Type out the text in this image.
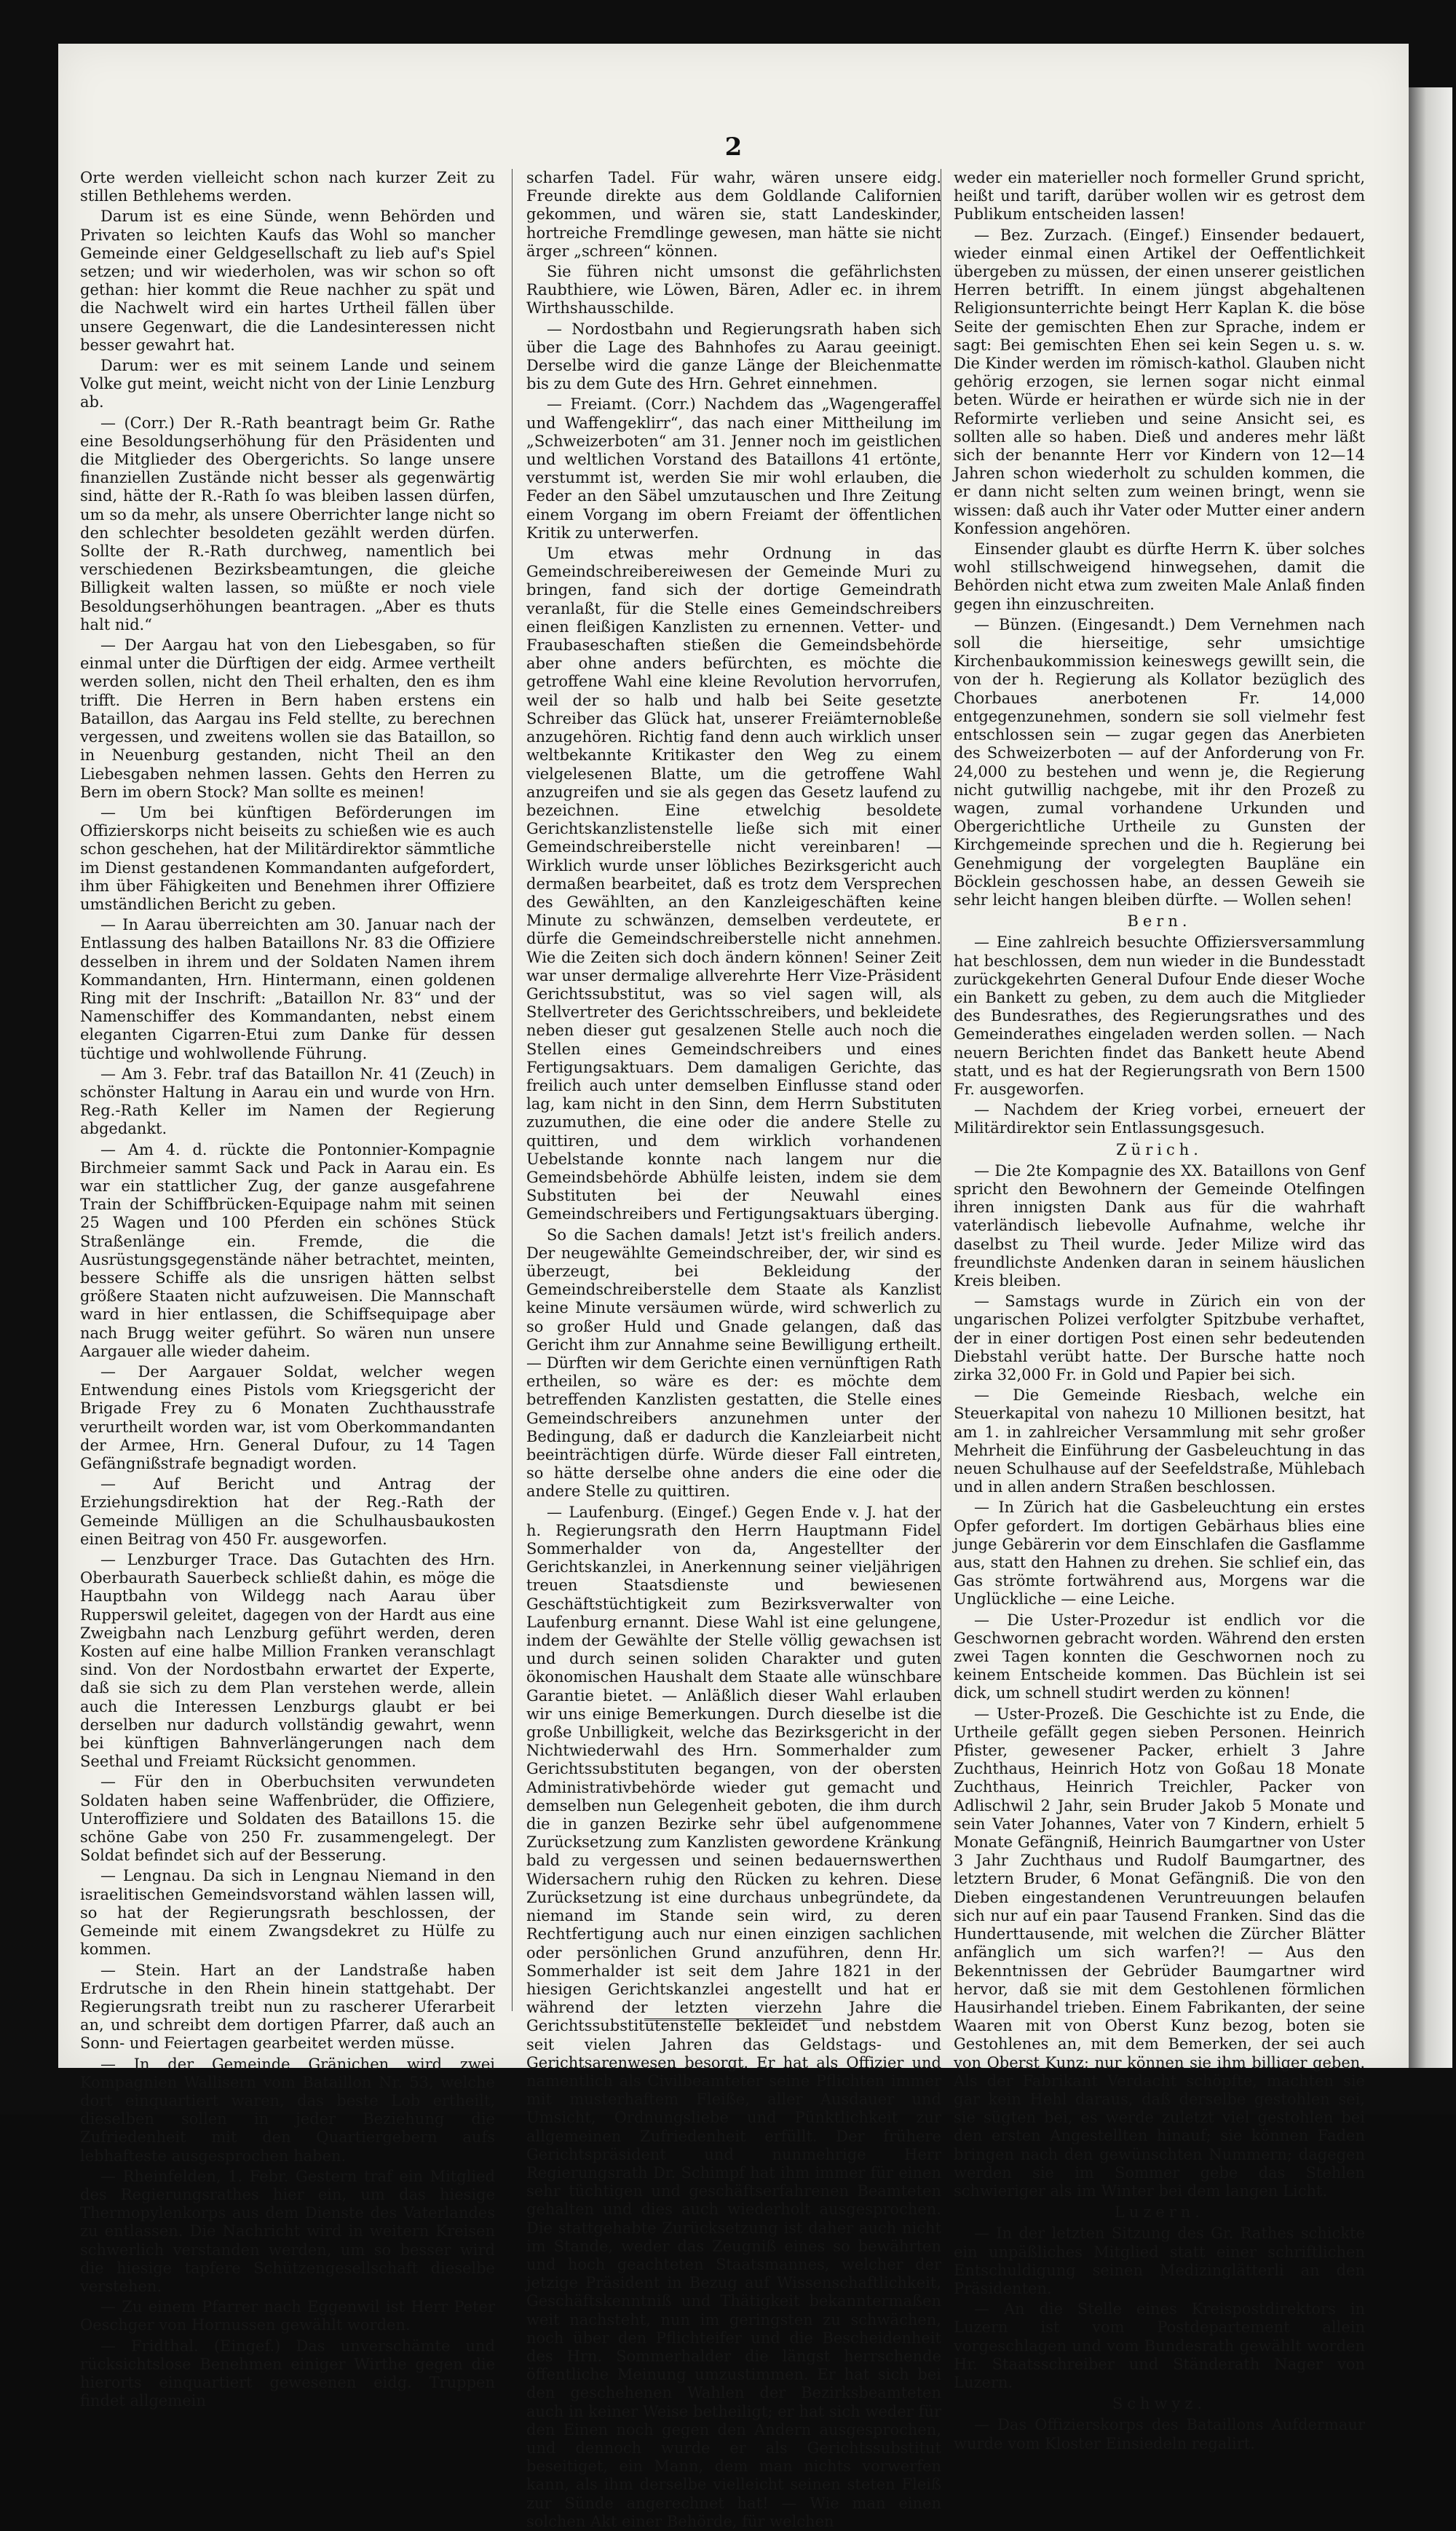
2

Orte werden vielleicht schon nach kurzer Zeit zu stillen Bethlehems werden.

Darum ist es eine Sünde, wenn Behörden und Privaten so leichten Kaufs das Wohl so mancher Gemeinde einer Geldgesellschaft zu lieb auf's Spiel setzen; und wir wiederholen, was wir schon so oft gethan: hier kommt die Reue nachher zu spät und die Nachwelt wird ein hartes Urtheil fällen über unsere Gegenwart, die die Landesinteressen nicht besser gewahrt hat.

Darum: wer es mit seinem Lande und seinem Volke gut meint, weicht nicht von der Linie Lenzburg ab.

— (Corr.) Der R.-Rath beantragt beim Gr. Rathe eine Besoldungserhöhung für den Präsidenten und die Mitglieder des Obergerichts. So lange unsere finanziellen Zustände nicht besser als gegenwärtig sind, hätte der R.-Rath ſo was bleiben lassen dürfen, um so da mehr, als unsere Oberrichter lange nicht so den schlechter besoldeten gezählt werden dürfen. Sollte der R.-Rath durchweg, namentlich bei verschiedenen Bezirksbeamtungen, die gleiche Billigkeit walten lassen, so müßte er noch viele Besoldungserhöhungen beantragen. „Aber es thuts halt nid.“

— Der Aargau hat von den Liebesgaben, so für einmal unter die Dürftigen der eidg. Armee vertheilt werden sollen, nicht den Theil erhalten, den es ihm trifft. Die Herren in Bern haben erstens ein Bataillon, das Aargau ins Feld stellte, zu berechnen vergessen, und zweitens wollen sie das Bataillon, so in Neuenburg gestanden, nicht Theil an den Liebesgaben nehmen lassen. Gehts den Herren zu Bern im obern Stock? Man sollte es meinen!

— Um bei künftigen Beförderungen im Offizierskorps nicht beiseits zu schießen wie es auch schon geschehen, hat der Militärdirektor sämmtliche im Dienst gestandenen Kommandanten aufgefordert, ihm über Fähigkeiten und Benehmen ihrer Offiziere umständlichen Bericht zu geben.

— In Aarau überreichten am 30. Januar nach der Entlassung des halben Bataillons Nr. 83 die Offiziere desselben in ihrem und der Soldaten Namen ihrem Kommandanten, Hrn. Hintermann, einen goldenen Ring mit der Inschrift: „Bataillon Nr. 83“ und der Namenschiffer des Kommandanten, nebst einem eleganten Cigarren-Etui zum Danke für dessen tüchtige und wohlwollende Führung.

— Am 3. Febr. traf das Bataillon Nr. 41 (Zeuch) in schönster Haltung in Aarau ein und wurde von Hrn. Reg.-Rath Keller im Namen der Regierung abgedankt.

— Am 4. d. rückte die Pontonnier-Kompagnie Birchmeier sammt Sack und Pack in Aarau ein. Es war ein stattlicher Zug, der ganze ausgefahrene Train der Schiffbrücken-Equipage nahm mit seinen 25 Wagen und 100 Pferden ein schönes Stück Straßenlänge ein. Fremde, die die Ausrüstungsgegenstände näher betrachtet, meinten, bessere Schiffe als die unsrigen hätten selbst größere Staaten nicht aufzuweisen. Die Mannschaft ward in hier entlassen, die Schiffsequipage aber nach Brugg weiter geführt. So wären nun unsere Aargauer alle wieder daheim.

— Der Aargauer Soldat, welcher wegen Entwendung eines Pistols vom Kriegsgericht der Brigade Frey zu 6 Monaten Zuchthausstrafe verurtheilt worden war, ist vom Oberkommandanten der Armee, Hrn. General Dufour, zu 14 Tagen Gefängnißstrafe begnadigt worden.

— Auf Bericht und Antrag der Erziehungsdirektion hat der Reg.-Rath der Gemeinde Mülligen an die Schulhausbaukosten einen Beitrag von 450 Fr. ausgeworfen.

— Lenzburger Trace. Das Gutachten des Hrn. Oberbaurath Sauerbeck schließt dahin, es möge die Hauptbahn von Wildegg nach Aarau über Rupperswil geleitet, dagegen von der Hardt aus eine Zweigbahn nach Lenzburg geführt werden, deren Kosten auf eine halbe Million Franken veranschlagt sind. Von der Nordostbahn erwartet der Experte, daß sie sich zu dem Plan verstehen werde, allein auch die Interessen Lenzburgs glaubt er bei derselben nur dadurch vollständig gewahrt, wenn bei künftigen Bahnverlängerungen nach dem Seethal und Freiamt Rücksicht genommen.

— Für den in Oberbuchsiten verwundeten Soldaten haben seine Waffenbrüder, die Offiziere, Unteroffiziere und Soldaten des Bataillons 15. die schöne Gabe von 250 Fr. zusammengelegt. Der Soldat befindet sich auf der Besserung.

— Lengnau. Da sich in Lengnau Niemand in den israelitischen Gemeindsvorstand wählen lassen will, so hat der Regierungsrath beschlossen, der Gemeinde mit einem Zwangsdekret zu Hülfe zu kommen.

— Stein. Hart an der Landstraße haben Erdrutsche in den Rhein hinein stattgehabt. Der Regierungsrath treibt nun zu rascherer Uferarbeit an, und schreibt dem dortigen Pfarrer, daß auch an Sonn- und Feiertagen gearbeitet werden müsse.

— In der Gemeinde Gränichen wird zwei Kompagnien Wallisern vom Bataillon Nr. 53, welche dort einquartiert waren, das beste Lob ertheilt, dieselben sollen in jeder Beziehung die Zufriedenheit mit den Quartiergebern aufs lebhafteste ausgesprochen haben.

— Rheinfelden, 1. Febr. Gestern traf ein Mitglied des Regierungsrathes hier ein, um das hiesige Thermopylenkorps aus dem Dienste des Vaterlandes zu entlassen. Die Nachricht wird in weitern Kreisen schwerlich verstanden werden, um so besser wird die hiesige tapfere Schützengesellschaft dieselbe verstehen.

— Zu einem Pfarrer nach Eggenwil ist Herr Peter Oeschger von Hornussen gewählt worden.

— Fridthal. (Eingef.) Das unverschämte und rücksichtslose Benehmen einiger Wirthe gegen die hierorts einquartiert gewesenen eidg. Truppen findet allgemein

scharfen Tadel. Für wahr, wären unsere eidg. Freunde direkte aus dem Goldlande Californien gekommen, und wären sie, statt Landeskinder, hortreiche Fremdlinge gewesen, man hätte sie nicht ärger „schreen“ können.

Sie führen nicht umsonst die gefährlichsten Raubthiere, wie Löwen, Bären, Adler ec. in ihrem Wirthshausschilde.

— Nordostbahn und Regierungsrath haben sich über die Lage des Bahnhofes zu Aarau geeinigt. Derselbe wird die ganze Länge der Bleichenmatte bis zu dem Gute des Hrn. Gehret einnehmen.

— Freiamt. (Corr.) Nachdem das „Wagengeraffel und Waffengeklirr“, das nach einer Mittheilung im „Schweizerboten“ am 31. Jenner noch im geistlichen und weltlichen Vorstand des Bataillons 41 ertönte, verstummt ist, werden Sie mir wohl erlauben, die Feder an den Säbel umzutauschen und Ihre Zeitung einem Vorgang im obern Freiamt der öffentlichen Kritik zu unterwerfen.

Um etwas mehr Ordnung in das Gemeindschreibereiwesen der Gemeinde Muri zu bringen, fand sich der dortige Gemeindrath veranlaßt, für die Stelle eines Gemeindschreibers einen fleißigen Kanzlisten zu ernennen. Vetter- und Fraubaseschaften stießen die Gemeindsbehörde aber ohne anders befürchten, es möchte die getroffene Wahl eine kleine Revolution hervorrufen, weil der so halb und halb bei Seite gesetzte Schreiber das Glück hat, unserer Freiämternobleße anzugehören. Richtig fand denn auch wirklich unser weltbekannte Kritikaster den Weg zu einem vielgelesenen Blatte, um die getroffene Wahl anzugreifen und sie als gegen das Gesetz laufend zu bezeichnen. Eine etwelchig besoldete Gerichtskanzlistenstelle ließe sich mit einer Gemeindschreiberstelle nicht vereinbaren! — Wirklich wurde unser löbliches Bezirksgericht auch dermaßen bearbeitet, daß es trotz dem Versprechen des Gewählten, an den Kanzleigeschäften keine Minute zu schwänzen, demselben verdeutete, er dürfe die Gemeindschreiberstelle nicht annehmen. Wie die Zeiten sich doch ändern können! Seiner Zeit war unser dermalige allverehrte Herr Vize-Präsident Gerichtssubstitut, was so viel sagen will, als Stellvertreter des Gerichtsschreibers, und bekleidete neben dieser gut gesalzenen Stelle auch noch die Stellen eines Gemeindschreibers und eines Fertigungsaktuars. Dem damaligen Gerichte, das freilich auch unter demselben Einflusse stand oder lag, kam nicht in den Sinn, dem Herrn Substituten zuzumuthen, die eine oder die andere Stelle zu quittiren, und dem wirklich vorhandenen Uebelstande konnte nach langem nur die Gemeindsbehörde Abhülfe leisten, indem sie dem Substituten bei der Neuwahl eines Gemeindschreibers und Fertigungsaktuars überging.

So die Sachen damals! Jetzt ist's freilich anders. Der neugewählte Gemeindschreiber, der, wir sind es überzeugt, bei Bekleidung der Gemeindschreiberstelle dem Staate als Kanzlist keine Minute versäumen würde, wird schwerlich zu so großer Huld und Gnade gelangen, daß das Gericht ihm zur Annahme seine Bewilligung ertheilt. — Dürften wir dem Gerichte einen vernünftigen Rath ertheilen, so wäre es der: es möchte dem betreffenden Kanzlisten gestatten, die Stelle eines Gemeindschreibers anzunehmen unter der Bedingung, daß er dadurch die Kanzleiarbeit nicht beeinträchtigen dürfe. Würde dieser Fall eintreten, so hätte derselbe ohne anders die eine oder die andere Stelle zu quittiren.

— Laufenburg. (Eingef.) Gegen Ende v. J. hat der h. Regierungsrath den Herrn Hauptmann Fidel Sommerhalder von da, Angestellter der Gerichtskanzlei, in Anerkennung seiner vieljährigen treuen Staatsdienste und bewiesenen Geschäftstüchtigkeit zum Bezirksverwalter von Laufenburg ernannt. Diese Wahl ist eine gelungene, indem der Gewählte der Stelle völlig gewachsen ist und durch seinen soliden Charakter und guten ökonomischen Haushalt dem Staate alle wünschbare Garantie bietet. — Anläßlich dieser Wahl erlauben wir uns einige Bemerkungen. Durch dieselbe ist die große Unbilligkeit, welche das Bezirksgericht in der Nichtwiederwahl des Hrn. Sommerhalder zum Gerichtssubstituten begangen, von der obersten Administrativbehörde wieder gut gemacht und demselben nun Gelegenheit geboten, die ihm durch die in ganzen Bezirke sehr übel aufgenommene Zurücksetzung zum Kanzlisten gewordene Kränkung bald zu vergessen und seinen bedauernswerthen Widersachern ruhig den Rücken zu kehren. Diese Zurücksetzung ist eine durchaus unbegründete, da niemand im Stande sein wird, zu deren Rechtfertigung auch nur einen einzigen sachlichen oder persönlichen Grund anzuführen, denn Hr. Sommerhalder ist seit dem Jahre 1821 in der hiesigen Gerichtskanzlei angestellt und hat er während der letzten vierzehn Jahre die Gerichtssubstitutenstelle bekleidet und nebstdem seit vielen Jahren das Geldstags- und Gerichtsarenwesen besorgt. Er hat als Offizier und namentlich als Civilbeamteter seine Pflichten immer mit musterhaftem Fleiße, aller Ausdauer und Umsicht, Ordnungsliebe und Pünktlichkeit zur allgemeinen Zufriedenheit erfüllt. Der frühere Gerichtspräsident und nunmehrige Herr Regierungsrath Dr. Schimpf hat ihm immer für einen sehr tüchtigen und geschäftserfahrenen Beamteten gehalten und dies auch wiederholt ausgesprochen. Die stattgehabte Zurücksetzung ist daher auch nicht im Stande, weder das Zeugniß eines so bewährten und hoch geachteten Staatsmannes, welcher der jetzige Präsident in Bezug auf Wissenschaftlichkeit, Geschäftskenntniß und Thätigkeit bekanntermaßen weit nachsteht, nun im geringsten zu schwächen, noch über den Pflichteifer und die Bescheidenheit des Hrn. Sommerhalder die längst herrschende öffentliche Meinung umzustimmen. Er hat sich bei den geschehenen Wahlen der Bezirksbeamteten auch in keiner Weise betheiligt; er hat sich weder für den Einen noch gegen den Andern ausgesprochen, und dennoch wurde er als Gerichtssubstitut beseitiget, ein Mann, dem man nichts vorwerfen kann, als ihm derselbe vielleicht seinen steten Fleiß zur Sünde angerechnet hat! — Wie man einen solchen Akt einer Behörde, für welchen

weder ein materieller noch formeller Grund spricht, heißt und tarift, darüber wollen wir es getrost dem Publikum entscheiden lassen!

— Bez. Zurzach. (Eingef.) Einsender bedauert, wieder einmal einen Artikel der Oeffentlichkeit übergeben zu müssen, der einen unserer geistlichen Herren betrifft. In einem jüngst abgehaltenen Religionsunterrichte beingt Herr Kaplan K. die böse Seite der gemischten Ehen zur Sprache, indem er sagt: Bei gemischten Ehen sei kein Segen u. s. w. Die Kinder werden im römisch-kathol. Glauben nicht gehörig erzogen, sie lernen sogar nicht einmal beten. Würde er heirathen er würde sich nie in der Reformirte verlieben und seine Ansicht sei, es sollten alle so haben. Dieß und anderes mehr läßt sich der benannte Herr vor Kindern von 12—14 Jahren schon wiederholt zu schulden kommen, die er dann nicht selten zum weinen bringt, wenn sie wissen: daß auch ihr Vater oder Mutter einer andern Konfession angehören.

Einsender glaubt es dürfte Herrn K. über solches wohl stillschweigend hinwegsehen, damit die Behörden nicht etwa zum zweiten Male Anlaß finden gegen ihn einzuschreiten.

— Bünzen. (Eingesandt.) Dem Vernehmen nach soll die hierseitige, sehr umsichtige Kirchenbaukommission keineswegs gewillt sein, die von der h. Regierung als Kollator bezüglich des Chorbaues anerbotenen Fr. 14,000 entgegenzunehmen, sondern sie soll vielmehr fest entschlossen sein — zugar gegen das Anerbieten des Schweizerboten — auf der Anforderung von Fr. 24,000 zu bestehen und wenn je, die Regierung nicht gutwillig nachgebe, mit ihr den Prozeß zu wagen, zumal vorhandene Urkunden und Obergerichtliche Urtheile zu Gunsten der Kirchgemeinde sprechen und die h. Regierung bei Genehmigung der vorgelegten Baupläne ein Böcklein geschossen habe, an dessen Geweih sie sehr leicht hangen bleiben dürfte. — Wollen sehen!

Bern.

— Eine zahlreich besuchte Offiziersversammlung hat beschlossen, dem nun wieder in die Bundesstadt zurückgekehrten General Dufour Ende dieser Woche ein Bankett zu geben, zu dem auch die Mitglieder des Bundesrathes, des Regierungsrathes und des Gemeinderathes eingeladen werden sollen. — Nach neuern Berichten findet das Bankett heute Abend statt, und es hat der Regierungsrath von Bern 1500 Fr. ausgeworfen.

— Nachdem der Krieg vorbei, erneuert der Militärdirektor sein Entlassungsgesuch.

Zürich.

— Die 2te Kompagnie des XX. Bataillons von Genf spricht den Bewohnern der Gemeinde Otelfingen ihren innigsten Dank aus für die wahrhaft vaterländisch liebevolle Aufnahme, welche ihr daselbst zu Theil wurde. Jeder Milize wird das freundlichste Andenken daran in seinem häuslichen Kreis bleiben.

— Samstags wurde in Zürich ein von der ungarischen Polizei verfolgter Spitzbube verhaftet, der in einer dortigen Post einen sehr bedeutenden Diebstahl verübt hatte. Der Bursche hatte noch zirka 32,000 Fr. in Gold und Papier bei sich.

— Die Gemeinde Riesbach, welche ein Steuerkapital von nahezu 10 Millionen besitzt, hat am 1. in zahlreicher Versammlung mit sehr großer Mehrheit die Einführung der Gasbeleuchtung in das neuen Schulhause auf der Seefeldstraße, Mühlebach und in allen andern Straßen beschlossen.

— In Zürich hat die Gasbeleuchtung ein erstes Opfer gefordert. Im dortigen Gebärhaus blies eine junge Gebärerin vor dem Einschlafen die Gasflamme aus, statt den Hahnen zu drehen. Sie schlief ein, das Gas strömte fortwährend aus, Morgens war die Unglückliche — eine Leiche.

— Die Uster-Prozedur ist endlich vor die Geschwornen gebracht worden. Während den ersten zwei Tagen konnten die Geschwornen noch zu keinem Entscheide kommen. Das Büchlein ist sei dick, um schnell studirt werden zu können!

— Uster-Prozeß. Die Geschichte ist zu Ende, die Urtheile gefällt gegen sieben Personen. Heinrich Pfister, gewesener Packer, erhielt 3 Jahre Zuchthaus, Heinrich Hotz von Goßau 18 Monate Zuchthaus, Heinrich Treichler, Packer von Adlischwil 2 Jahr, sein Bruder Jakob 5 Monate und sein Vater Johannes, Vater von 7 Kindern, erhielt 5 Monate Gefängniß, Heinrich Baumgartner von Uster 3 Jahr Zuchthaus und Rudolf Baumgartner, des letztern Bruder, 6 Monat Gefängniß. Die von den Dieben eingestandenen Veruntreuungen belaufen sich nur auf ein paar Tausend Franken. Sind das die Hunderttausende, mit welchen die Zürcher Blätter anfänglich um sich warfen?! — Aus den Bekenntnissen der Gebrüder Baumgartner wird hervor, daß sie mit dem Gestohlenen förmlichen Hausirhandel trieben. Einem Fabrikanten, der seine Waaren mit von Oberst Kunz bezog, boten sie Gestohlenes an, mit dem Bemerken, der sei auch von Oberst Kunz; nur können sie ihm billiger geben. Als der Fabrikant Verdacht schöpfte, machten sie gar kein Hehl daraus, daß derselbe gestohlen sei, sie sügten bei, es werde zuletzt viel gestohlen bei den ersten Angestellten hinauf; sie können Faden bringen nach den gewünschten Nummern; dagegen werden sie im Sommer gebe das Stehlen schwieriger als im Winter bei dem langen Licht.

Luzern.

— In der letzten Sitzung des Gr. Rathes schickte ein unpäßliches Mitglied statt einer schriftlichen Entschuldigung seinen Medizinglätterli an den Präsidenten.

— An die Stelle eines Kreispostdirektors in Luzern ist vom Postdepartement allein vorgeschlagen und vom Bundesrath gewählt worden Hr. Staatsschreiber und Ständerath Nager von Luzern.

Schwyz.

— Das Offizierskorps des Bataillons Aufdermaur wurde vom Kloster Einsiedeln regalirt.
